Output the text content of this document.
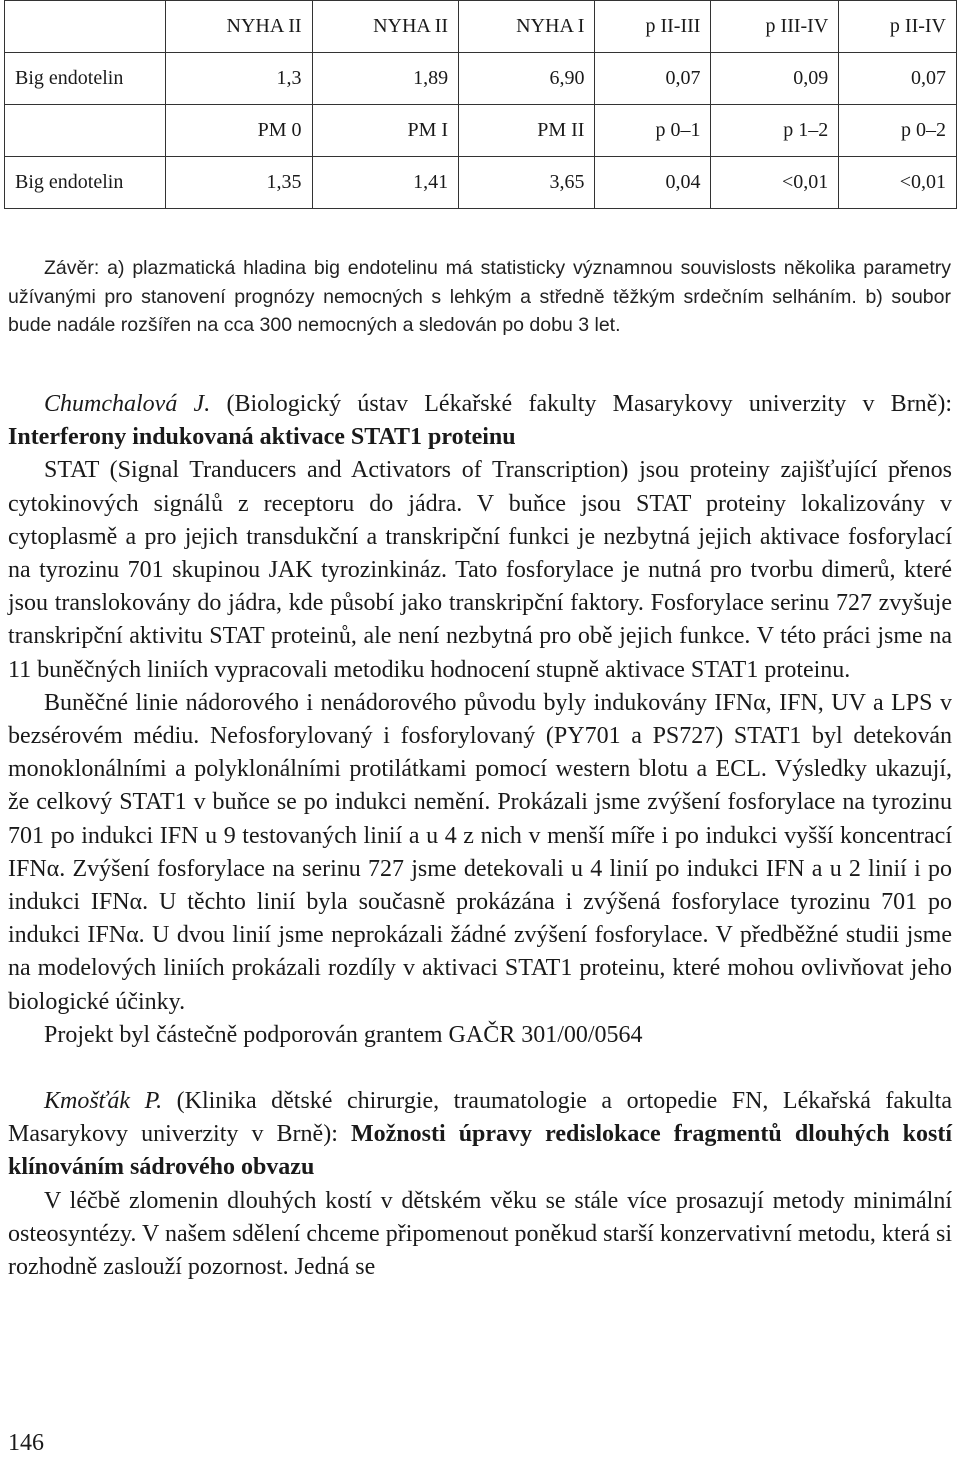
	NYHA II	NYHA II	NYHA I	p II-III	p III-IV	p II-IV
Big endotelin	1,3	1,89	6,90	0,07	0,09	0,07
	PM 0	PM I	PM II	p 0–1	p 1–2	p 0–2
Big endotelin	1,35	1,41	3,65	0,04	<0,01	<0,01

Závěr: a) plazmatická hladina big endotelinu má statisticky významnou souvislosts několika parametry užívanými pro stanovení prognózy nemocných s lehkým a středně těžkým srdečním selháním. b) soubor bude nadále rozšířen na cca 300 nemocných a sledován po dobu 3 let.

Chumchalová J. (Biologický ústav Lékařské fakulty Masarykovy univerzity v Brně): Interferony indukovaná aktivace STAT1 proteinu

STAT (Signal Tranducers and Activators of Transcription) jsou proteiny zajišťující přenos cytokinových signálů z receptoru do jádra. V buňce jsou STAT proteiny lokalizovány v cytoplasmě a pro jejich transdukční a transkripční funkci je nezbytná jejich aktivace fosforylací na tyrozinu 701 skupinou JAK tyrozinkináz. Tato fosforylace je nutná pro tvorbu dimerů, které jsou translokovány do jádra, kde působí jako transkripční faktory. Fosforylace serinu 727 zvyšuje transkripční aktivitu STAT proteinů, ale není nezbytná pro obě jejich funkce. V této práci jsme na 11 buněčných liniích vypracovali metodiku hodnocení stupně aktivace STAT1 proteinu.

Buněčné linie nádorového i nenádorového původu byly indukovány IFNα, IFN, UV a LPS v bezsérovém médiu. Nefosforylovaný i fosforylovaný (PY701 a PS727) STAT1 byl detekován monoklonálními a polyklonálními protilátkami pomocí western blotu a ECL. Výsledky ukazují, že celkový STAT1 v buňce se po indukci nemění. Prokázali jsme zvýšení fosforylace na tyrozinu 701 po indukci IFN u 9 testovaných linií a u 4 z nich v menší míře i po indukci vyšší koncentrací IFNα. Zvýšení fosforylace na serinu 727 jsme detekovali u 4 linií po indukci IFN a u 2 linií i po indukci IFNα. U těchto linií byla současně prokázána i zvýšená fosforylace tyrozinu 701 po indukci IFNα. U dvou linií jsme neprokázali žádné zvýšení fosforylace. V předběžné studii jsme na modelových liniích prokázali rozdíly v aktivaci STAT1 proteinu, které mohou ovlivňovat jeho biologické účinky.

Projekt byl částečně podporován grantem GAČR 301/00/0564

Kmošťák P. (Klinika dětské chirurgie, traumatologie a ortopedie FN, Lékařská fakulta Masarykovy univerzity v Brně): Možnosti úpravy redislokace fragmentů dlouhých kostí klínováním sádrového obvazu

V léčbě zlomenin dlouhých kostí v dětském věku se stále více prosazují metody minimální osteosyntézy. V našem sdělení chceme připomenout poněkud starší konzervativní metodu, která si rozhodně zaslouží pozornost. Jedná se

146
